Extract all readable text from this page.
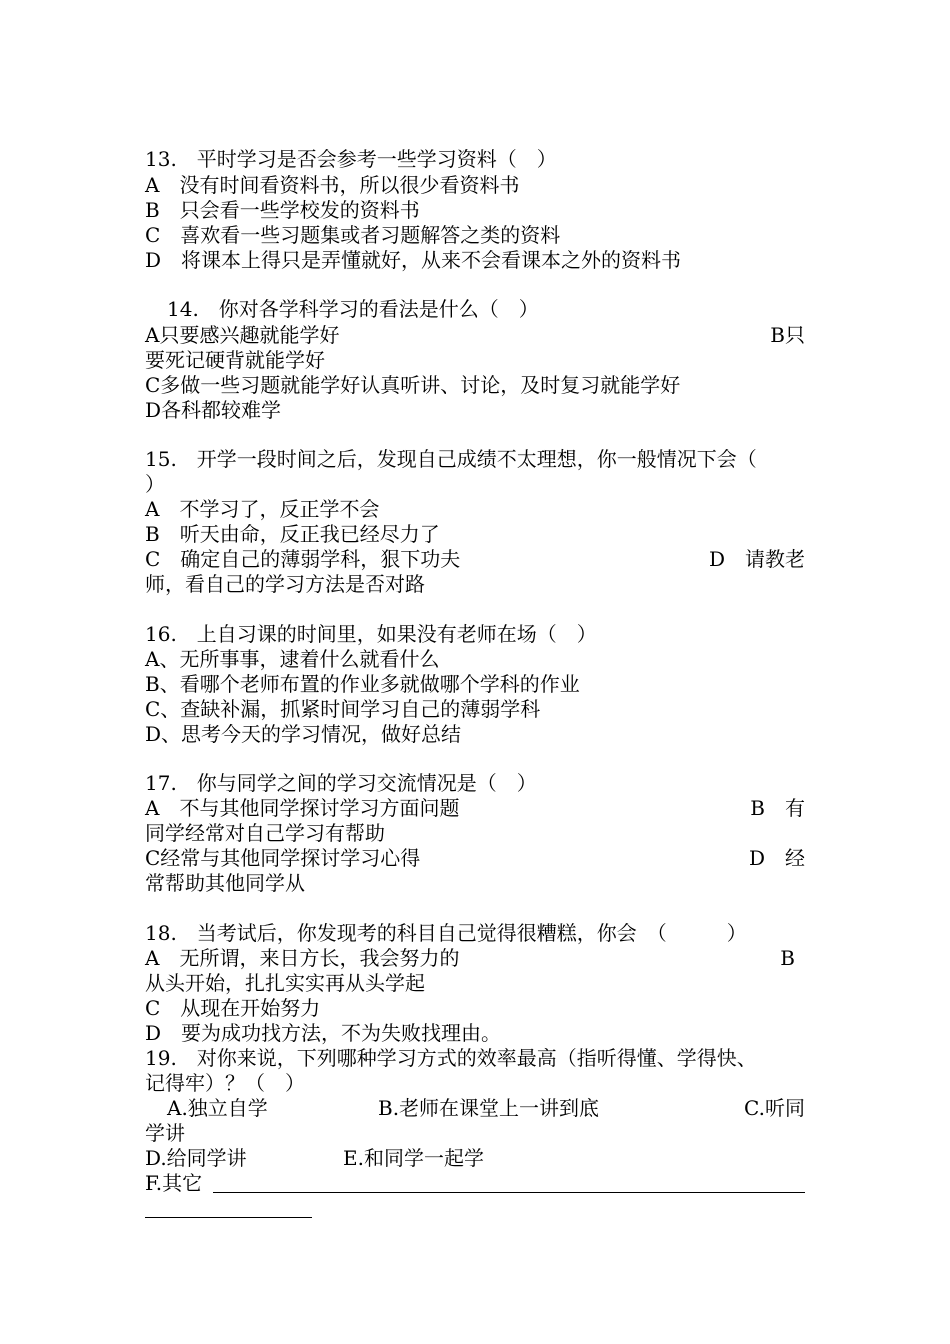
13.　平时学习是否会参考一些学习资料（　）
A　没有时间看资料书，所以很少看资料书
B　只会看一些学校发的资料书
C　喜欢看一些习题集或者习题解答之类的资料
D　将课本上得只是弄懂就好，从来不会看课本之外的资料书
14.　你对各学科学习的看法是什么（　）
A只要感兴趣就能学好	B只
要死记硬背就能学好
C多做一些习题就能学好认真听讲、讨论，及时复习就能学好
D各科都较难学
15.　开学一段时间之后，发现自己成绩不太理想，你一般情况下会（
）
A　不学习了，反正学不会
B　听天由命，反正我已经尽力了
C　确定自己的薄弱学科，狠下功夫	D　请教老
师，看自己的学习方法是否对路
16.　上自习课的时间里，如果没有老师在场（　）
A、无所事事，逮着什么就看什么
B、看哪个老师布置的作业多就做哪个学科的作业
C、查缺补漏，抓紧时间学习自己的薄弱学科
D、思考今天的学习情况，做好总结
17.　你与同学之间的学习交流情况是（　）
A　不与其他同学探讨学习方面问题	B　有
同学经常对自己学习有帮助
C经常与其他同学探讨学习心得	D　经
常帮助其他同学从
18.　当考试后，你发现考的科目自己觉得很糟糕，你会　（　　　）
A　无所谓，来日方长，我会努力的	B
从头开始，扎扎实实再从头学起
C　从现在开始努力
D　要为成功找方法，不为失败找理由。
19.　对你来说，下列哪种学习方式的效率最高（指听得懂、学得快、
记得牢）？（　）
A.独立自学	B.老师在课堂上一讲到底	C.听同
学讲
D.给同学讲	E.和同学一起学
F.其它
